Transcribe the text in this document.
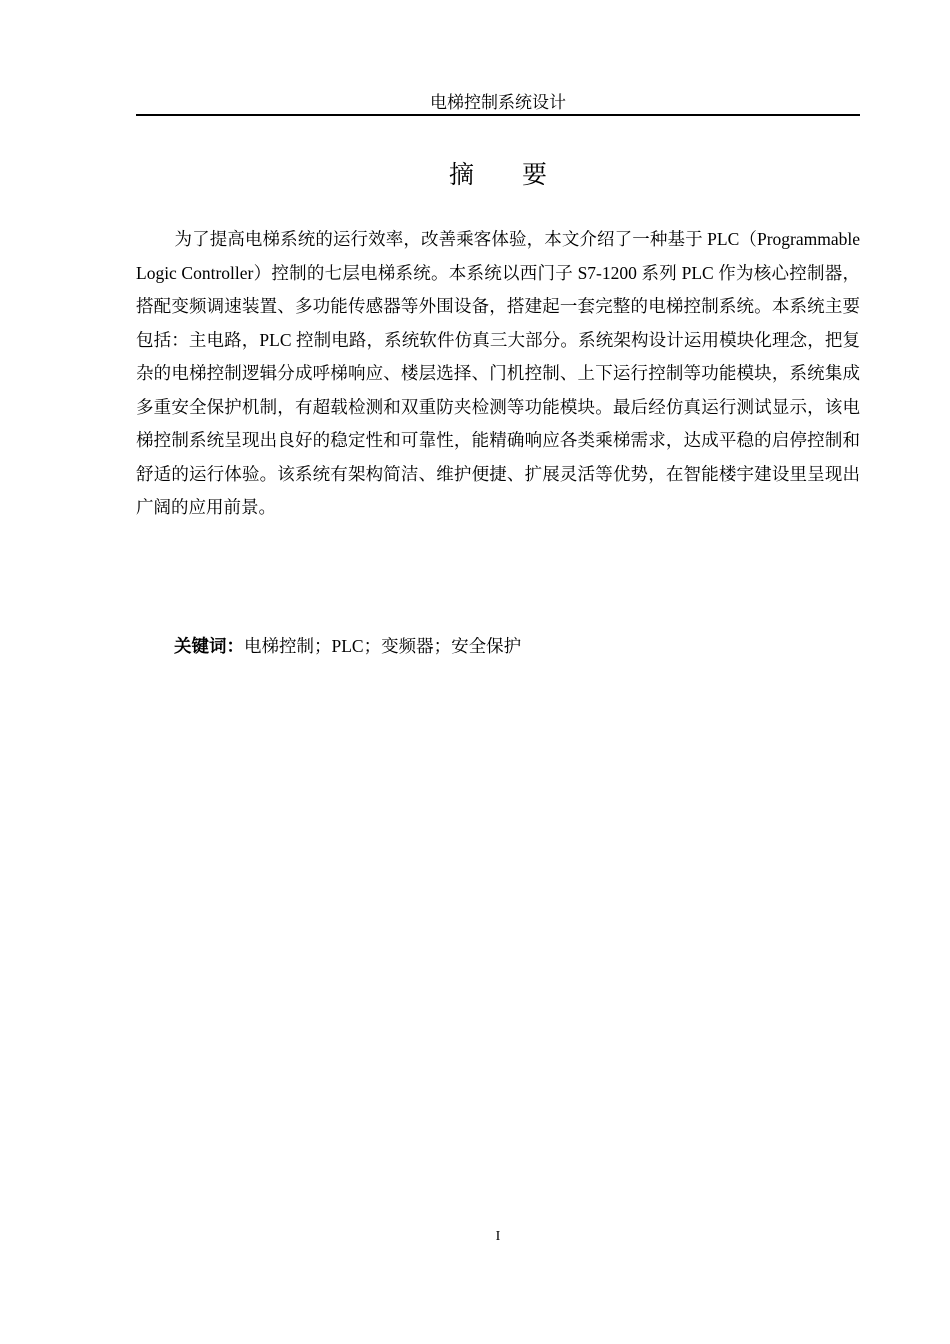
电梯控制系统设计
摘 要

为了提高电梯系统的运行效率，改善乘客体验，本文介绍了一种基于 PLC（Programmable Logic Controller）控制的七层电梯系统。本系统以西门子 S7-1200 系列 PLC 作为核心控制器，搭配变频调速装置、多功能传感器等外围设备，搭建起一套完整的电梯控制系统。本系统主要包括：主电路，PLC 控制电路，系统软件仿真三大部分。系统架构设计运用模块化理念，把复杂的电梯控制逻辑分成呼梯响应、楼层选择、门机控制、上下运行控制等功能模块，系统集成多重安全保护机制，有超载检测和双重防夹检测等功能模块。最后经仿真运行测试显示，该电梯控制系统呈现出良好的稳定性和可靠性，能精确响应各类乘梯需求，达成平稳的启停控制和舒适的运行体验。该系统有架构简洁、维护便捷、扩展灵活等优势，在智能楼宇建设里呈现出广阔的应用前景。

关键词：电梯控制；PLC；变频器；安全保护

I
